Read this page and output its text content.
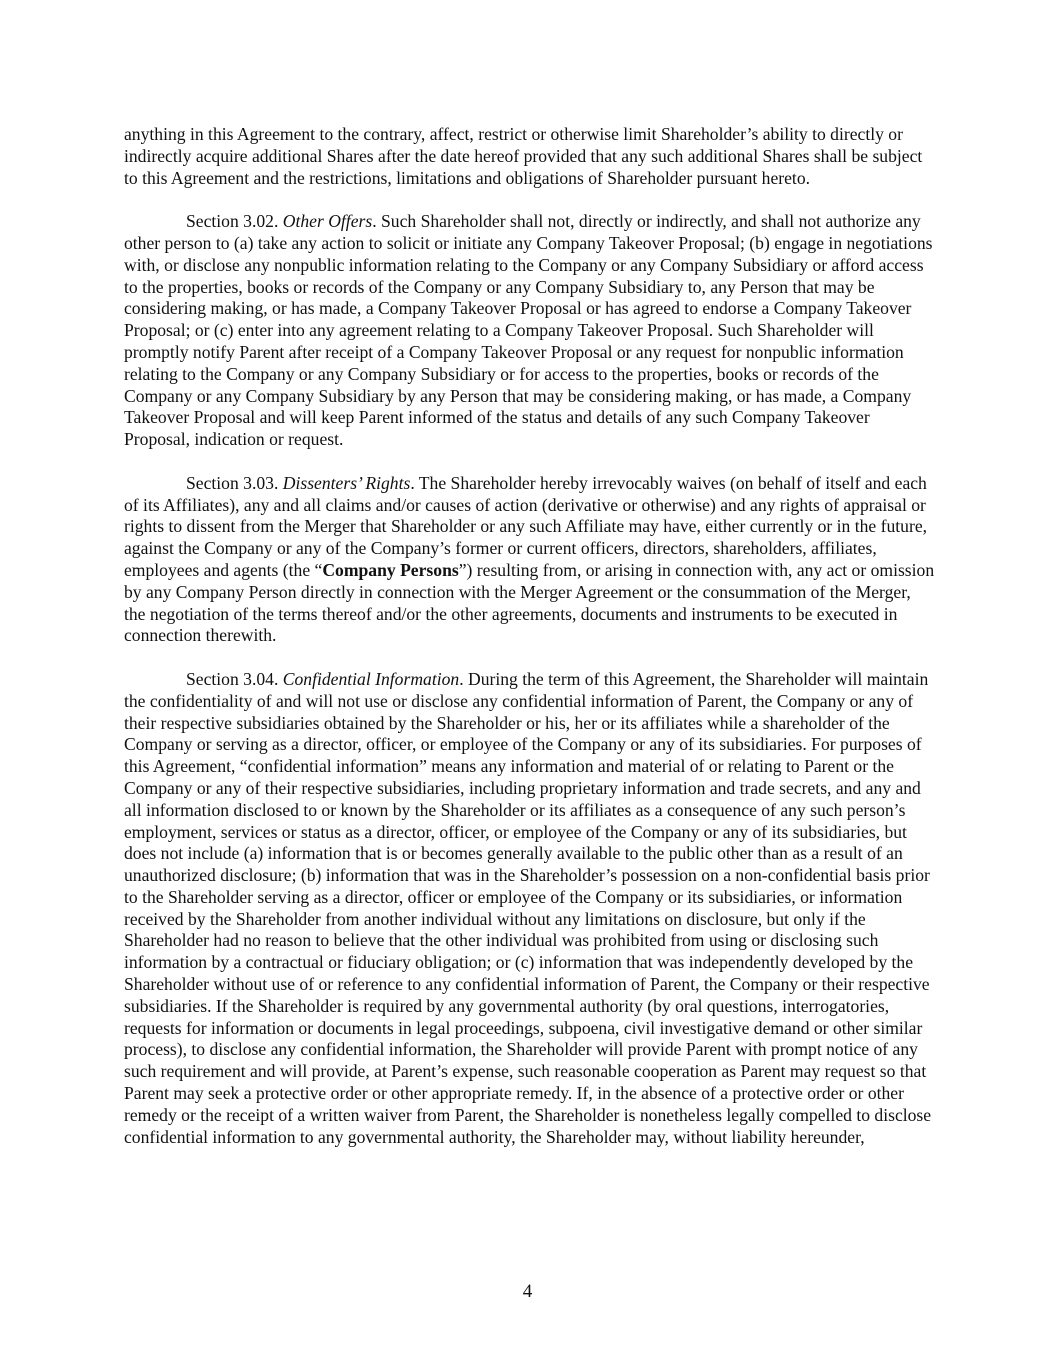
anything in this Agreement to the contrary, affect, restrict or otherwise limit Shareholder’s ability to directly or indirectly acquire additional Shares after the date hereof provided that any such additional Shares shall be subject to this Agreement and the restrictions, limitations and obligations of Shareholder pursuant hereto.

Section 3.02. Other Offers. Such Shareholder shall not, directly or indirectly, and shall not authorize any other person to (a) take any action to solicit or initiate any Company Takeover Proposal; (b) engage in negotiations with, or disclose any nonpublic information relating to the Company or any Company Subsidiary or afford access to the properties, books or records of the Company or any Company Subsidiary to, any Person that may be considering making, or has made, a Company Takeover Proposal or has agreed to endorse a Company Takeover Proposal; or (c) enter into any agreement relating to a Company Takeover Proposal. Such Shareholder will promptly notify Parent after receipt of a Company Takeover Proposal or any request for nonpublic information relating to the Company or any Company Subsidiary or for access to the properties, books or records of the Company or any Company Subsidiary by any Person that may be considering making, or has made, a Company Takeover Proposal and will keep Parent informed of the status and details of any such Company Takeover Proposal, indication or request.

Section 3.03. Dissenters’ Rights. The Shareholder hereby irrevocably waives (on behalf of itself and each of its Affiliates), any and all claims and/or causes of action (derivative or otherwise) and any rights of appraisal or rights to dissent from the Merger that Shareholder or any such Affiliate may have, either currently or in the future, against the Company or any of the Company’s former or current officers, directors, shareholders, affiliates, employees and agents (the “Company Persons”) resulting from, or arising in connection with, any act or omission by any Company Person directly in connection with the Merger Agreement or the consummation of the Merger, the negotiation of the terms thereof and/or the other agreements, documents and instruments to be executed in connection therewith.

Section 3.04. Confidential Information. During the term of this Agreement, the Shareholder will maintain the confidentiality of and will not use or disclose any confidential information of Parent, the Company or any of their respective subsidiaries obtained by the Shareholder or his, her or its affiliates while a shareholder of the Company or serving as a director, officer, or employee of the Company or any of its subsidiaries. For purposes of this Agreement, “confidential information” means any information and material of or relating to Parent or the Company or any of their respective subsidiaries, including proprietary information and trade secrets, and any and all information disclosed to or known by the Shareholder or its affiliates as a consequence of any such person’s employment, services or status as a director, officer, or employee of the Company or any of its subsidiaries, but does not include (a) information that is or becomes generally available to the public other than as a result of an unauthorized disclosure; (b) information that was in the Shareholder’s possession on a non-confidential basis prior to the Shareholder serving as a director, officer or employee of the Company or its subsidiaries, or information received by the Shareholder from another individual without any limitations on disclosure, but only if the Shareholder had no reason to believe that the other individual was prohibited from using or disclosing such information by a contractual or fiduciary obligation; or (c) information that was independently developed by the Shareholder without use of or reference to any confidential information of Parent, the Company or their respective subsidiaries. If the Shareholder is required by any governmental authority (by oral questions, interrogatories, requests for information or documents in legal proceedings, subpoena, civil investigative demand or other similar process), to disclose any confidential information, the Shareholder will provide Parent with prompt notice of any such requirement and will provide, at Parent’s expense, such reasonable cooperation as Parent may request so that Parent may seek a protective order or other appropriate remedy. If, in the absence of a protective order or other remedy or the receipt of a written waiver from Parent, the Shareholder is nonetheless legally compelled to disclose confidential information to any governmental authority, the Shareholder may, without liability hereunder,

4
